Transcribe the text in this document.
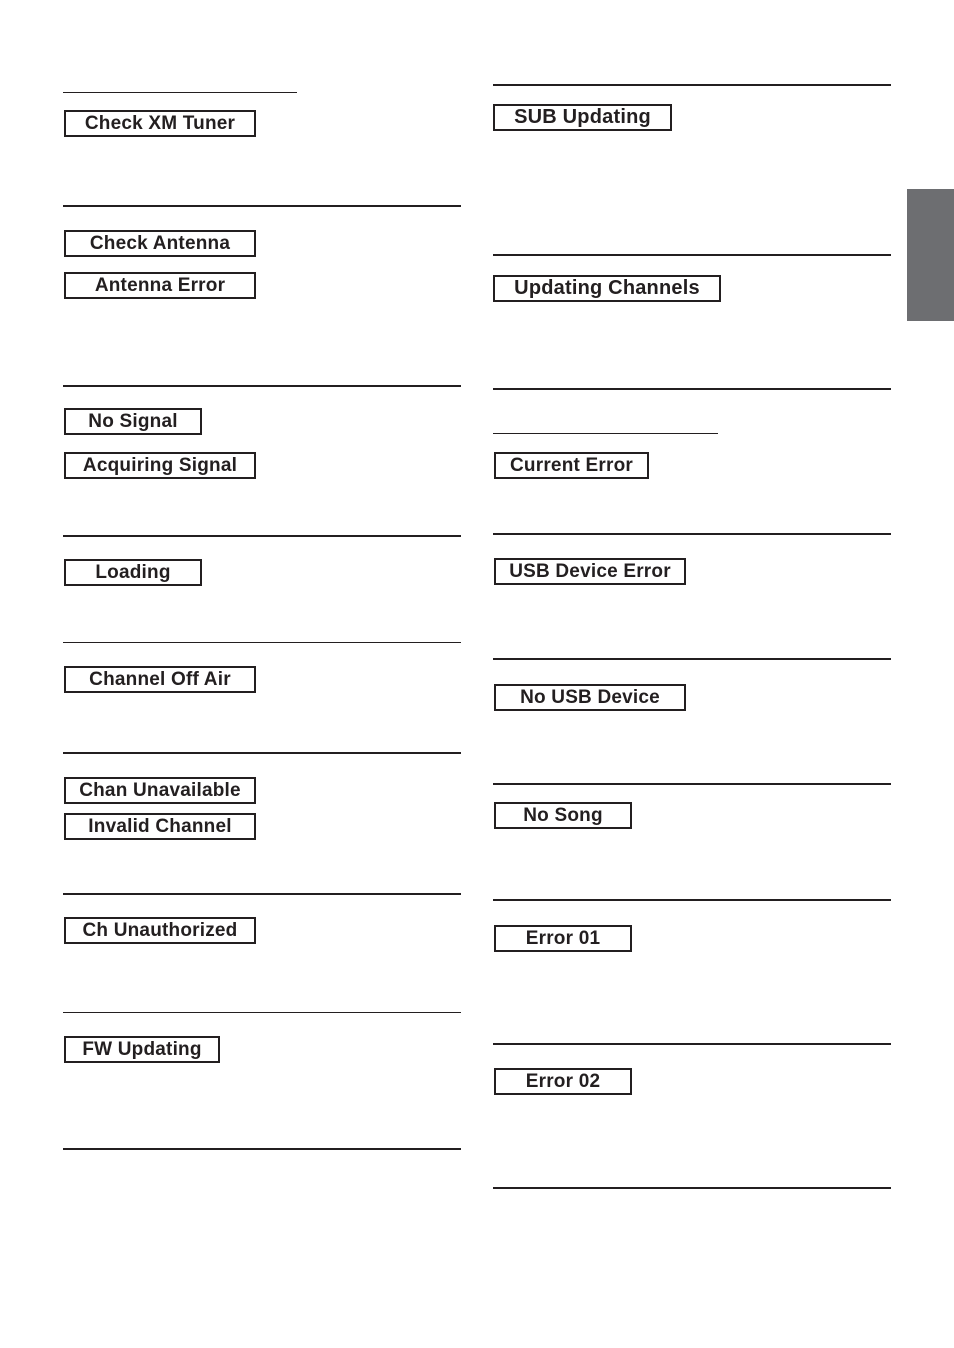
Check XM Tuner
Check Antenna
Antenna Error
No Signal
Acquiring Signal
Loading
Channel Off Air
Chan Unavailable
Invalid Channel
Ch Unauthorized
FW Updating
SUB Updating
Updating Channels
Current Error
USB Device Error
No USB Device
No Song
Error 01
Error 02
